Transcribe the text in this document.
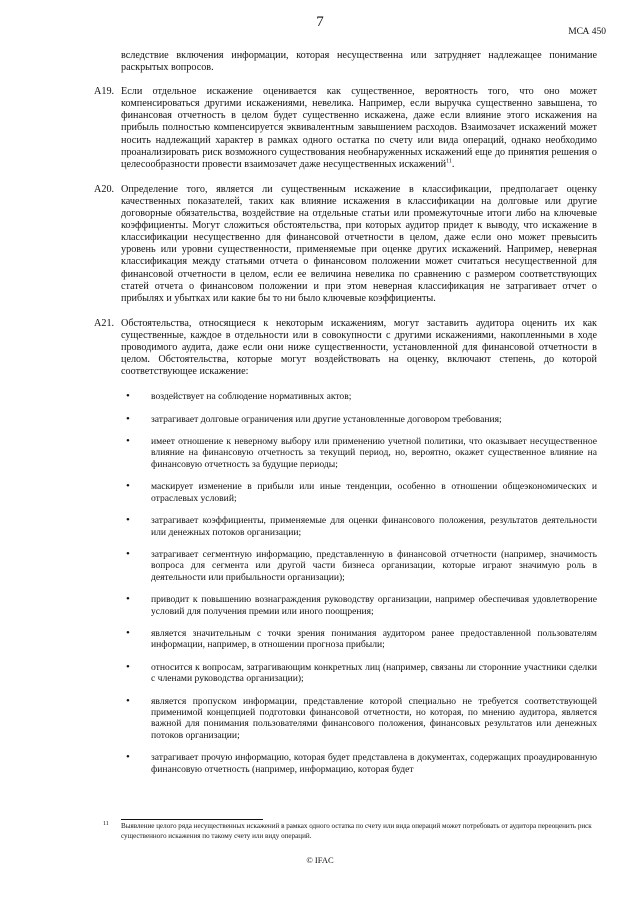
7
МСА 450

вследствие включения информации, которая несущественна или затрудняет надлежащее понимание раскрытых вопросов.

A19. Если отдельное искажение оценивается как существенное, вероятность того, что оно может компенсироваться другими искажениями, невелика. Например, если выручка существенно завышена, то финансовая отчетность в целом будет существенно искажена, даже если влияние этого искажения на прибыль полностью компенсируется эквивалентным завышением расходов. Взаимозачет искажений может носить надлежащий характер в рамках одного остатка по счету или вида операций, однако необходимо проанализировать риск возможного существования необнаруженных искажений еще до принятия решения о целесообразности провести взаимозачет даже несущественных искажений$^{11}$.

A20. Определение того, является ли существенным искажение в классификации, предполагает оценку качественных показателей, таких как влияние искажения в классификации на долговые или другие договорные обязательства, воздействие на отдельные статьи или промежуточные итоги либо на ключевые коэффициенты. Могут сложиться обстоятельства, при которых аудитор придет к выводу, что искажение в классификации несущественно для финансовой отчетности в целом, даже если оно может превысить уровень или уровни существенности, применяемые при оценке других искажений. Например, неверная классификация между статьями отчета о финансовом положении может считаться несущественной для финансовой отчетности в целом, если ее величина невелика по сравнению с размером соответствующих статей отчета о финансовом положении и при этом неверная классификация не затрагивает отчет о прибылях и убытках или какие бы то ни было ключевые коэффициенты.

A21. Обстоятельства, относящиеся к некоторым искажениям, могут заставить аудитора оценить их как существенные, каждое в отдельности или в совокупности с другими искажениями, накопленными в ходе проводимого аудита, даже если они ниже существенности, установленной для финансовой отчетности в целом. Обстоятельства, которые могут воздействовать на оценку, включают степень, до которой соответствующее искажение:

• воздействует на соблюдение нормативных актов;
• затрагивает долговые ограничения или другие установленные договором требования;
• имеет отношение к неверному выбору или применению учетной политики, что оказывает несущественное влияние на финансовую отчетность за текущий период, но, вероятно, окажет существенное влияние на финансовую отчетность за будущие периоды;
• маскирует изменение в прибыли или иные тенденции, особенно в отношении общеэкономических и отраслевых условий;
• затрагивает коэффициенты, применяемые для оценки финансового положения, результатов деятельности или денежных потоков организации;
• затрагивает сегментную информацию, представленную в финансовой отчетности (например, значимость вопроса для сегмента или другой части бизнеса организации, которые играют значимую роль в деятельности или прибыльности организации);
• приводит к повышению вознаграждения руководству организации, например обеспечивая удовлетворение условий для получения премии или иного поощрения;
• является значительным с точки зрения понимания аудитором ранее предоставленной пользователям информации, например, в отношении прогноза прибыли;
• относится к вопросам, затрагивающим конкретных лиц (например, связаны ли сторонние участники сделки с членами руководства организации);
• является пропуском информации, представление которой специально не требуется соответствующей применимой концепцией подготовки финансовой отчетности, но которая, по мнению аудитора, является важной для понимания пользователями финансового положения, финансовых результатов или денежных потоков организации;
• затрагивает прочую информацию, которая будет представлена в документах, содержащих проаудированную финансовую отчетность (например, информацию, которая будет
11 Выявление целого ряда несущественных искажений в рамках одного остатка по счету или вида операций может потребовать от аудитора переоценить риск существенного искажения по такому счету или виду операций.
© IFAC
